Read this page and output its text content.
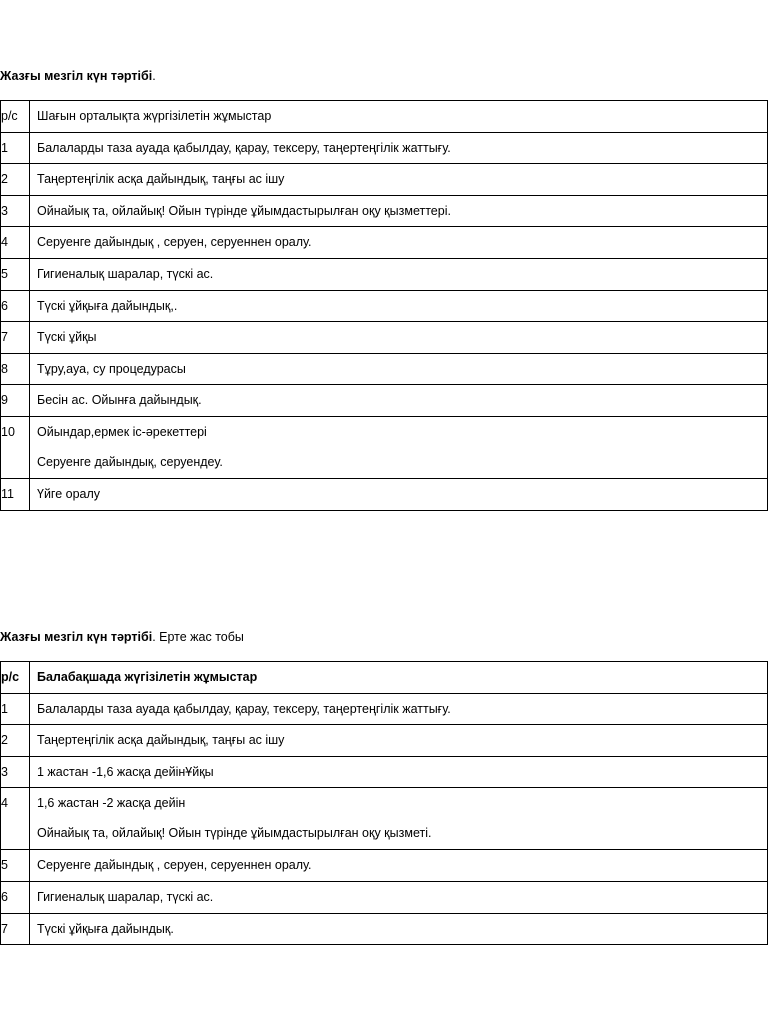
Жазғы мезгіл күн тәртібі.
р/с	Шағын орталықта жүргізілетін жұмыстар
1	Балаларды таза ауада қабылдау, қарау, тексеру, таңертеңгілік жаттығу.

2	Таңертеңгілік асқа дайындық, таңғы ас ішу

3	Ойнайық та, ойлайық! Ойын түрінде ұйымдастырылған оқу қызметтері.

4	Серуенге дайындық , серуен, серуеннен оралу.

5	Гигиеналық шаралар, түскі ас.

6	Түскі ұйқыға дайындық,.

7	Түскі ұйқы

8	Тұру,ауа, су процедурасы

9	Бесін ас. Ойынға дайындық.

10	Ойындар,ермек іс-әрекеттері
Серуенге дайындық, серуендеу.

11	Үйге оралу
Жазғы мезгіл күн тәртібі. Ерте жас тобы
р/с	Балабақшада жүгізілетін жұмыстар
1	Балаларды таза ауада қабылдау, қарау, тексеру, таңертеңгілік жаттығу.

2	Таңертеңгілік асқа дайындық, таңғы ас ішу

3	1 жастан -1,6 жасқа дейінҰйқы

4	1,6 жастан -2 жасқа дейін
Ойнайық та, ойлайық! Ойын түрінде ұйымдастырылған оқу қызметі.

5	Серуенге дайындық , серуен, серуеннен оралу.

6	Гигиеналық шаралар, түскі ас.

7	Түскі ұйқыға дайындық.
